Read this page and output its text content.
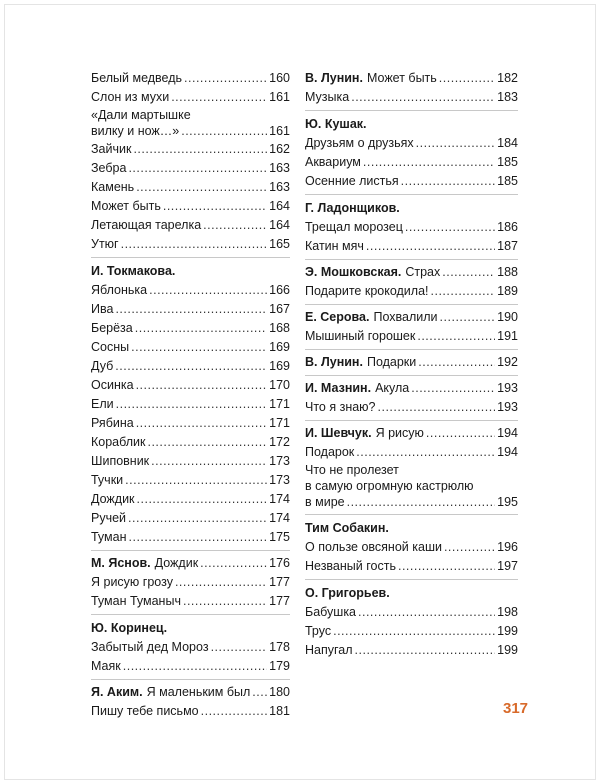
Белый медведь .....	160
Слон из мухи .....	161
«Дали мартышке
вилку и нож…» .....	161
Зайчик .....	162
Зебра .....	163
Камень .....	163
Может быть .....	164
Летающая тарелка .....	164
Утюг .....	165
И. Токмакова.
Яблонька .....	166
Ива .....	167
Берёза .....	168
Сосны .....	169
Дуб .....	169
Осинка .....	170
Ели .....	171
Рябина .....	171
Кораблик .....	172
Шиповник .....	173
Тучки .....	173
Дождик .....	174
Ручей .....	174
Туман .....	175
М. Яснов. Дождик .....	176
Я рисую грозу .....	177
Туман Туманыч .....	177
Ю. Коринец.
Забытый дед Мороз .....	178
Маяк .....	179
Я. Аким. Я маленьким был ..... 180
Пишу тебе письмо .....	181
В. Лунин. Может быть .....	182
Музыка .....	183
Ю. Кушак.
Друзьям о друзьях .....	184
Аквариум .....	185
Осенние листья .....	185
Г. Ладонщиков.
Трещал морозец .....	186
Катин мяч .....	187
Э. Мошковская. Страх .....	188
Подарите крокодила! .....	189
Е. Серова. Похвалили .....	190
Мышиный горошек .....	191
В. Лунин. Подарки .....	192
И. Мазнин. Акула .....	193
Что я знаю? .....	193
И. Шевчук. Я рисую .....	194
Подарок .....	194
Что не пролезет
в самую огромную кастрюлю
в мире .....	195
Тим Собакин.
О пользе овсяной каши .....	196
Незваный гость .....	197
О. Григорьев.
Бабушка .....	198
Трус .....	199
Напугал .....	199
317
